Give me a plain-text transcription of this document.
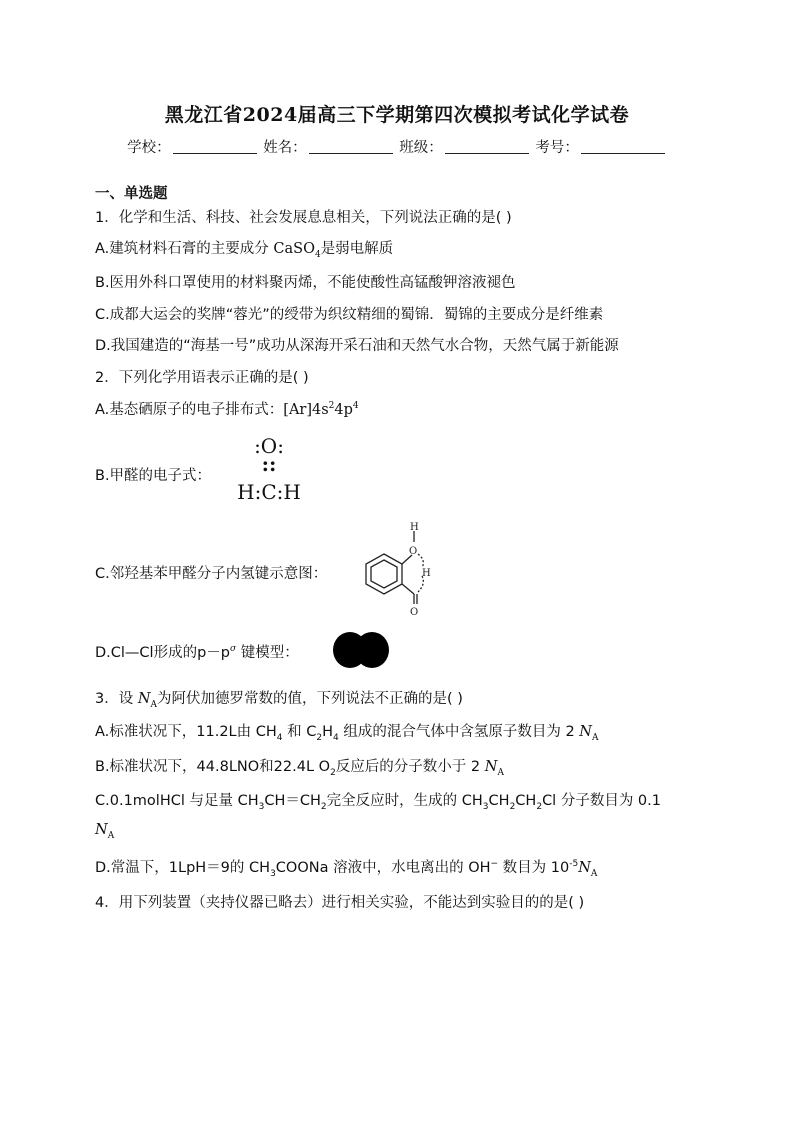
黑龙江省2024届高三下学期第四次模拟考试化学试卷
学校：	姓名：	班级：	考号：
一、单选题
1．化学和生活、科技、社会发展息息相关，下列说法正确的是( )
A.建筑材料石膏的主要成分 CaSO$_4$是弱电解质
B.医用外科口罩使用的材料聚丙烯，不能使酸性高锰酸钾溶液褪色
C.成都大运会的奖牌“蓉光”的绶带为织纹精细的蜀锦．蜀锦的主要成分是纤维素
D.我国建造的“海基一号”成功从深海开采石油和天然气水合物，天然气属于新能源
2．下列化学用语表示正确的是( )
A.基态硒原子的电子排布式：$[Ar]4s^24p^4$
B.甲醛的电子式：
:O:
::
H:C:H
C.邻羟基苯甲醛分子内氢键示意图：
H
O
H
O
D.Cl—Cl形成的$p-p^\sigma$ 键模型：
3．设 $N_A$为阿伏加德罗常数的值，下列说法不正确的是( )
A.标准状况下，11.2L由 $CH_4$ 和 $C_2H_4$ 组成的混合气体中含氢原子数目为 2 $N_A$
B.标准状况下，44.8LNO和22.4L $O_2$反应后的分子数小于 2 $N_A$
C.0.1molHCl 与足量 $CH_3CH=CH_2$完全反应时，生成的 $CH_3CH_2CH_2Cl$ 分子数目为 0.1
$N_A$
D.常温下，1LpH＝9的 $CH_3COONa$ 溶液中，水电离出的 OH− 数目为 $10^{-5}N_A$
4．用下列装置（夹持仪器已略去）进行相关实验，不能达到实验目的的是( )
